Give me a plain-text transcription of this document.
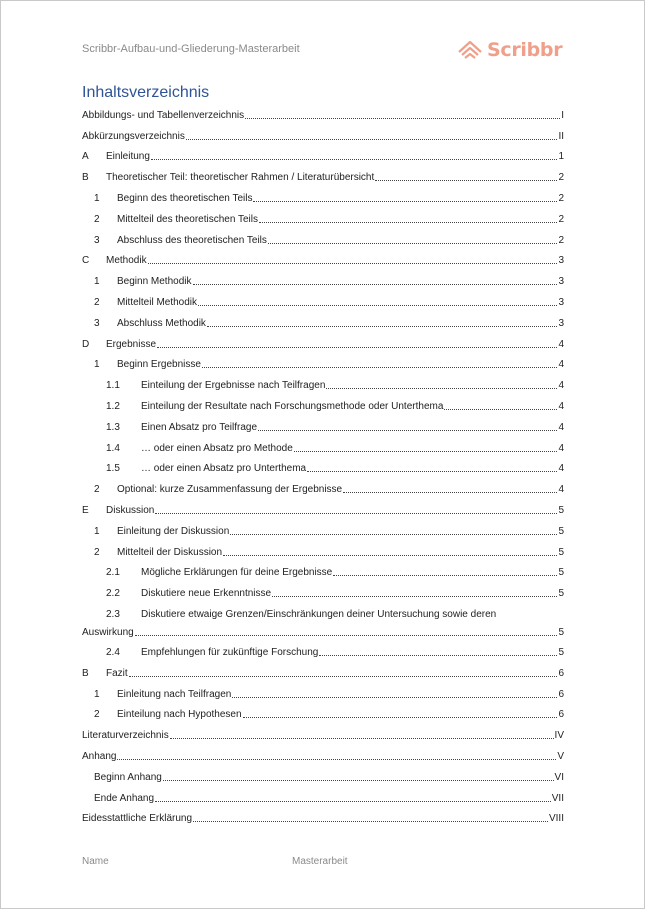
Scribbr-Aufbau-und-Gliederung-Masterarbeit	Scribbr
Inhaltsverzeichnis
Abbildungs- und Tabellenverzeichnis	I
Abkürzungsverzeichnis	II
A	Einleitung	1
B	Theoretischer Teil: theoretischer Rahmen / Literaturübersicht	2
1	Beginn des theoretischen Teils	2
2	Mittelteil des theoretischen Teils	2
3	Abschluss des theoretischen Teils	2
C	Methodik	3
1	Beginn Methodik	3
2	Mittelteil Methodik	3
3	Abschluss Methodik	3
D	Ergebnisse	4
1	Beginn Ergebnisse	4
1.1	Einteilung der Ergebnisse nach Teilfragen	4
1.2	Einteilung der Resultate nach Forschungsmethode oder Unterthema	4
1.3	Einen Absatz pro Teilfrage	4
1.4	… oder einen Absatz pro Methode	4
1.5	… oder einen Absatz pro Unterthema	4
2	Optional: kurze Zusammenfassung der Ergebnisse	4
E	Diskussion	5
1	Einleitung der Diskussion	5
2	Mittelteil der Diskussion	5
2.1	Mögliche Erklärungen für deine Ergebnisse	5
2.2	Diskutiere neue Erkenntnisse	5
2.3	Diskutiere etwaige Grenzen/Einschränkungen deiner Untersuchung sowie deren
Auswirkung	5
2.4	Empfehlungen für zukünftige Forschung	5
B	Fazit	6
1	Einleitung nach Teilfragen	6
2	Einteilung nach Hypothesen	6
Literaturverzeichnis	IV
Anhang	V
Beginn Anhang	VI
Ende Anhang	VII
Eidesstattliche Erklärung	VIII
Name	Masterarbeit
